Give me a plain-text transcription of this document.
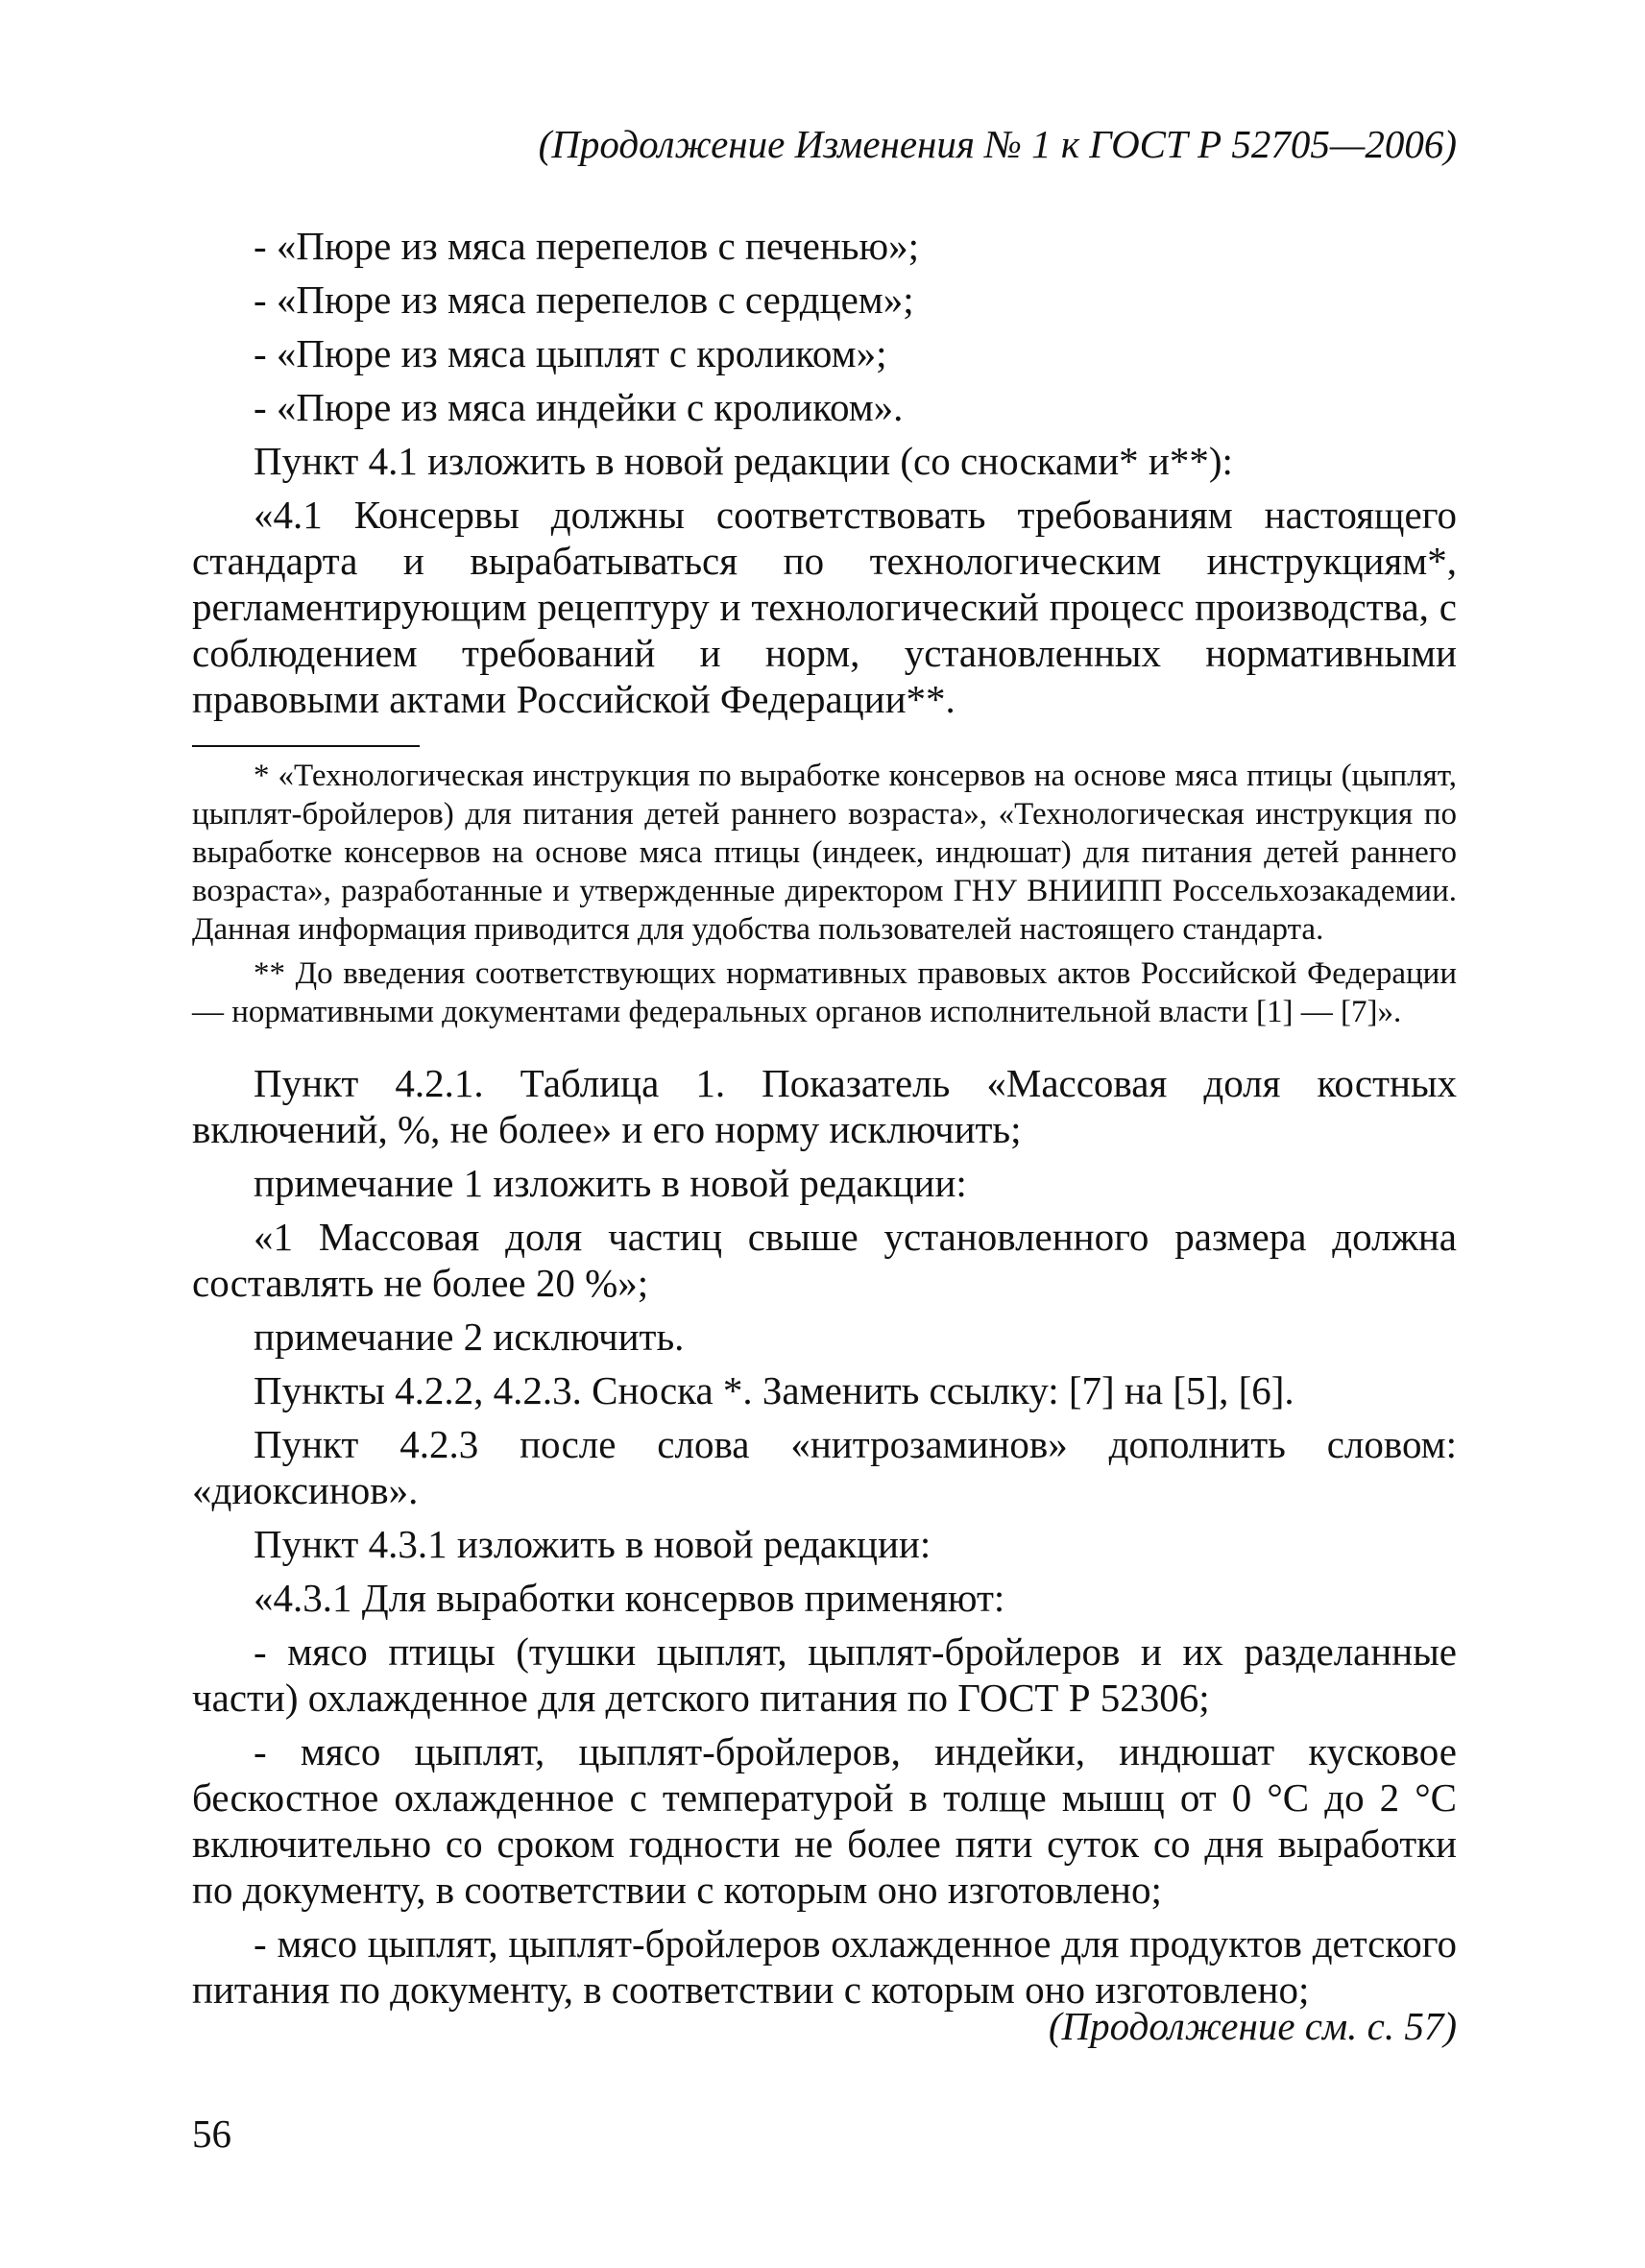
(Продолжение Изменения № 1 к ГОСТ Р 52705—2006)

- «Пюре из мяса перепелов с печенью»;

- «Пюре из мяса перепелов с сердцем»;

- «Пюре из мяса цыплят с кроликом»;

- «Пюре из мяса индейки с кроликом».

Пункт 4.1 изложить в новой редакции (со сносками* и**):

«4.1 Консервы должны соответствовать требованиям настоящего стандарта и вырабатываться по технологическим инструкциям*, регламентирующим рецептуру и технологический процесс производства, с соблюдением требований и норм, установленных нормативными правовыми актами Российской Федерации**.

* «Технологическая инструкция по выработке консервов на основе мяса птицы (цыплят, цыплят-бройлеров) для питания детей раннего возраста», «Технологическая инструкция по выработке консервов на основе мяса птицы (индеек, индюшат) для питания детей раннего возраста», разработанные и утвержденные директором ГНУ ВНИИПП Россельхозакадемии. Данная информация приводится для удобства пользователей настоящего стандарта.

** До введения соответствующих нормативных правовых актов Российской Федерации — нормативными документами федеральных органов исполнительной власти [1] — [7]».

Пункт 4.2.1. Таблица 1. Показатель «Массовая доля костных включений, %, не более» и его норму исключить;

примечание 1 изложить в новой редакции:

«1 Массовая доля частиц свыше установленного размера должна составлять не более 20 %»;

примечание 2 исключить.

Пункты 4.2.2, 4.2.3. Сноска *. Заменить ссылку: [7] на [5], [6].

Пункт 4.2.3 после слова «нитрозаминов» дополнить словом: «диоксинов».

Пункт 4.3.1 изложить в новой редакции:

«4.3.1 Для выработки консервов применяют:

- мясо птицы (тушки цыплят, цыплят-бройлеров и их разделанные части) охлажденное для детского питания по ГОСТ Р 52306;

- мясо цыплят, цыплят-бройлеров, индейки, индюшат кусковое бескостное охлажденное с температурой в толще мышц от 0 °С до 2 °С включительно со сроком годности не более пяти суток со дня выработки по документу, в соответствии с которым оно изготовлено;

- мясо цыплят, цыплят-бройлеров охлажденное для продуктов детского питания по документу, в соответствии с которым оно изготовлено;

(Продолжение см. с. 57)
56
